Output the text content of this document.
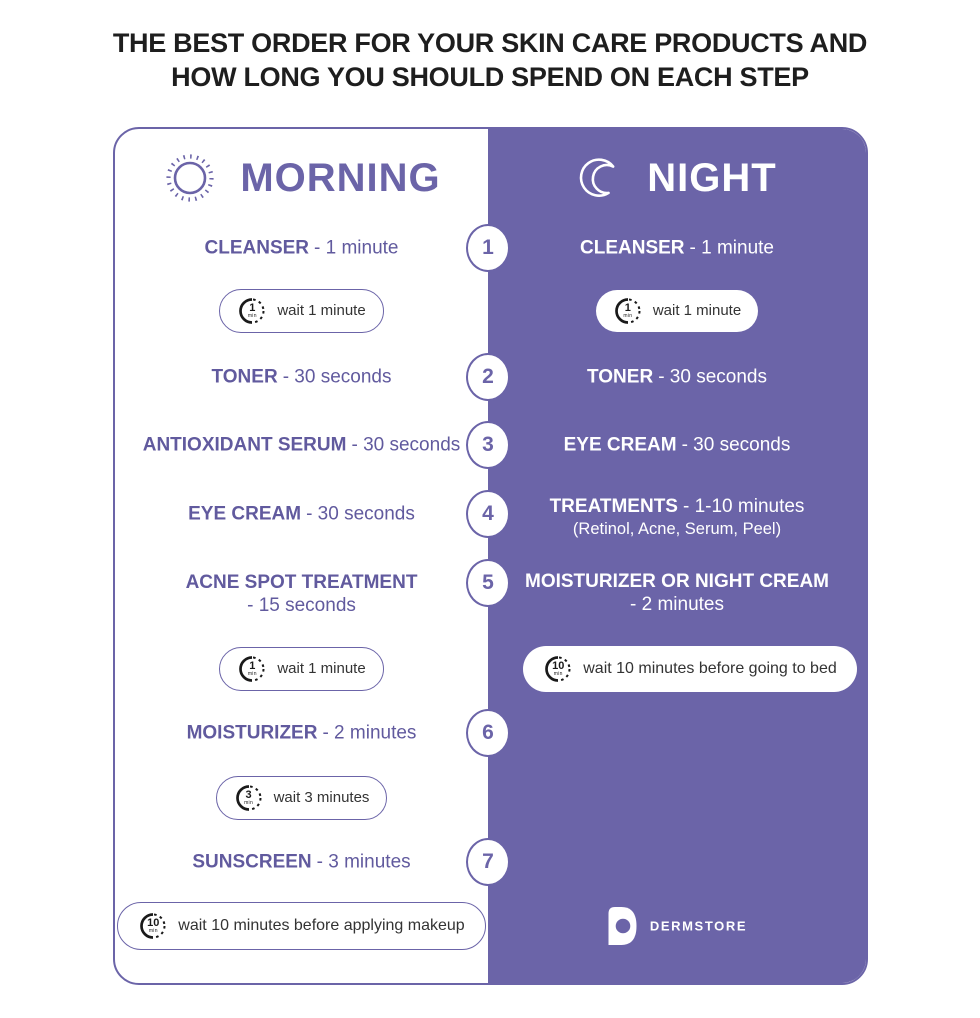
THE BEST ORDER FOR YOUR SKIN CARE PRODUCTS AND
HOW LONG YOU SHOULD SPEND ON EACH STEP
MORNING
CLEANSER - 1 minute
1
min	wait 1 minute
TONER - 30 seconds
ANTIOXIDANT SERUM - 30 seconds
EYE CREAM - 30 seconds
ACNE SPOT TREATMENT
- 15 seconds
1
min	wait 1 minute
MOISTURIZER - 2 minutes
3
min	wait 3 minutes
SUNSCREEN - 3 minutes
10
min	wait 10 minutes before applying makeup
NIGHT
CLEANSER - 1 minute
1
min	wait 1 minute
TONER - 30 seconds
EYE CREAM - 30 seconds
TREATMENTS - 1-10 minutes
(Retinol, Acne, Serum, Peel)
MOISTURIZER OR NIGHT CREAM
- 2 minutes
10
min	wait 10 minutes before going to bed
DERMSTORE
1
2
3
4
5
6
7
